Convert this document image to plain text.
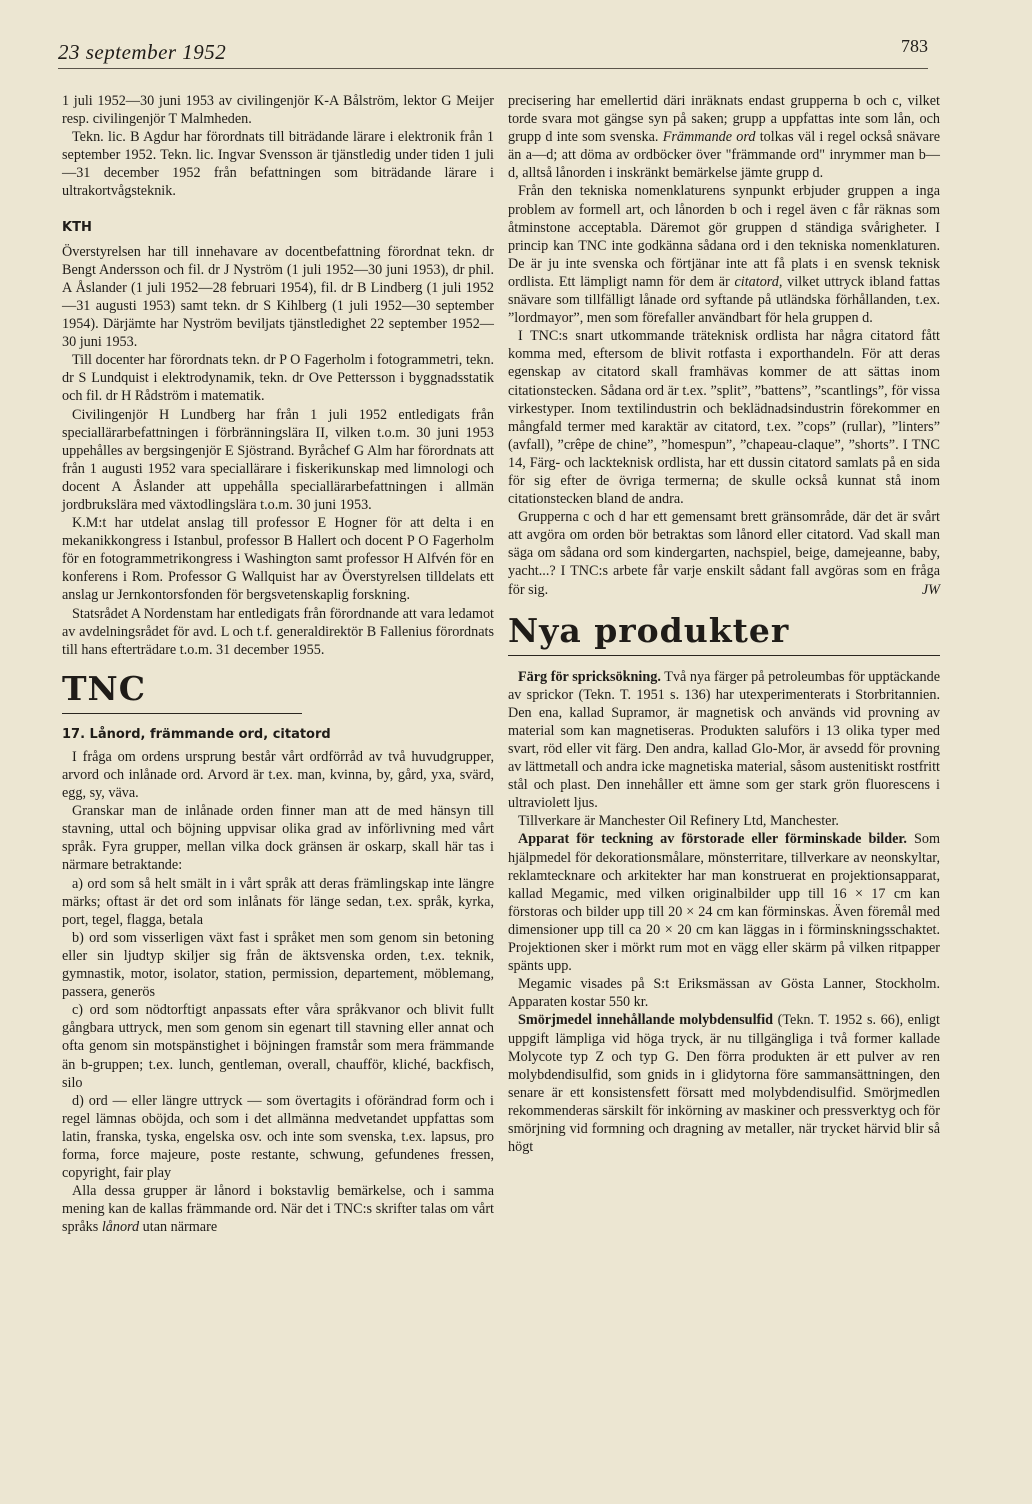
23 september 1952	783

1 juli 1952—30 juni 1953 av civilingenjör K-A Bålström, lektor G Meijer resp. civilingenjör T Malmheden.

Tekn. lic. B Agdur har förordnats till biträdande lärare i elektronik från 1 september 1952. Tekn. lic. Ingvar Svensson är tjänstledig under tiden 1 juli—31 december 1952 från befattningen som biträdande lärare i ultrakortvågsteknik.

KTH

Överstyrelsen har till innehavare av docentbefattning förordnat tekn. dr Bengt Andersson och fil. dr J Nyström (1 juli 1952—30 juni 1953), dr phil. A Åslander (1 juli 1952—28 februari 1954), fil. dr B Lindberg (1 juli 1952—31 augusti 1953) samt tekn. dr S Kihlberg (1 juli 1952—30 september 1954). Därjämte har Nyström beviljats tjänstledighet 22 september 1952—30 juni 1953.

Till docenter har förordnats tekn. dr P O Fagerholm i fotogrammetri, tekn. dr S Lundquist i elektrodynamik, tekn. dr Ove Pettersson i byggnadsstatik och fil. dr H Rådström i matematik.

Civilingenjör H Lundberg har från 1 juli 1952 entledigats från speciallärarbefattningen i förbränningslära II, vilken t.o.m. 30 juni 1953 uppehålles av bergsingenjör E Sjöstrand. Byråchef G Alm har förordnats att från 1 augusti 1952 vara speciallärare i fiskerikunskap med limnologi och docent A Åslander att uppehålla speciallärarbefattningen i allmän jordbrukslära med växtodlingslära t.o.m. 30 juni 1953.

K.M:t har utdelat anslag till professor E Hogner för att delta i en mekanikkongress i Istanbul, professor B Hallert och docent P O Fagerholm för en fotogrammetrikongress i Washington samt professor H Alfvén för en konferens i Rom. Professor G Wallquist har av Överstyrelsen tilldelats ett anslag ur Jernkontorsfonden för bergsvetenskaplig forskning.

Statsrådet A Nordenstam har entledigats från förordnande att vara ledamot av avdelningsrådet för avd. L och t.f. generaldirektör B Fallenius förordnats till hans efterträdare t.o.m. 31 december 1955.

TNC
17. Lånord, främmande ord, citatord

I fråga om ordens ursprung består vårt ordförråd av två huvudgrupper, arvord och inlånade ord. Arvord är t.ex. man, kvinna, by, gård, yxa, svärd, egg, sy, väva.

Granskar man de inlånade orden finner man att de med hänsyn till stavning, uttal och böjning uppvisar olika grad av införlivning med vårt språk. Fyra grupper, mellan vilka dock gränsen är oskarp, skall här tas i närmare betraktande:

a) ord som så helt smält in i vårt språk att deras främlingskap inte längre märks; oftast är det ord som inlånats för länge sedan, t.ex. språk, kyrka, port, tegel, flagga, betala

b) ord som visserligen växt fast i språket men som genom sin betoning eller sin ljudtyp skiljer sig från de äktsvenska orden, t.ex. teknik, gymnastik, motor, isolator, station, permission, departement, möblemang, passera, generös

c) ord som nödtorftigt anpassats efter våra språkvanor och blivit fullt gångbara uttryck, men som genom sin egenart till stavning eller annat och ofta genom sin motspänstighet i böjningen framstår som mera främmande än b-gruppen; t.ex. lunch, gentleman, overall, chaufför, kliché, backfisch, silo

d) ord — eller längre uttryck — som övertagits i oförändrad form och i regel lämnas oböjda, och som i det allmänna medvetandet uppfattas som latin, franska, tyska, engelska osv. och inte som svenska, t.ex. lapsus, pro forma, force majeure, poste restante, schwung, gefundenes fressen, copyright, fair play

Alla dessa grupper är lånord i bokstavlig bemärkelse, och i samma mening kan de kallas främmande ord. När det i TNC:s skrifter talas om vårt språks lånord utan närmare

precisering har emellertid däri inräknats endast grupperna b och c, vilket torde svara mot gängse syn på saken; grupp a uppfattas inte som lån, och grupp d inte som svenska. Främmande ord tolkas väl i regel också snävare än a—d; att döma av ordböcker över "främmande ord" inrymmer man b—d, alltså lånorden i inskränkt bemärkelse jämte grupp d.

Från den tekniska nomenklaturens synpunkt erbjuder gruppen a inga problem av formell art, och lånorden b och i regel även c får räknas som åtminstone acceptabla. Däremot gör gruppen d ständiga svårigheter. I princip kan TNC inte godkänna sådana ord i den tekniska nomenklaturen. De är ju inte svenska och förtjänar inte att få plats i en svensk teknisk ordlista. Ett lämpligt namn för dem är citatord, vilket uttryck ibland fattas snävare som tillfälligt lånade ord syftande på utländska förhållanden, t.ex. ”lordmayor”, men som förefaller användbart för hela gruppen d.

I TNC:s snart utkommande träteknisk ordlista har några citatord fått komma med, eftersom de blivit rotfasta i exporthandeln. För att deras egenskap av citatord skall framhävas kommer de att sättas inom citationstecken. Sådana ord är t.ex. ”split”, ”battens”, ”scantlings”, för vissa virkestyper. Inom textilindustrin och beklädnadsindustrin förekommer en mångfald termer med karaktär av citatord, t.ex. ”cops” (rullar), ”linters” (avfall), ”crêpe de chine”, ”homespun”, ”chapeau-claque”, ”shorts”. I TNC 14, Färg- och lackteknisk ordlista, har ett dussin citatord samlats på en sida för sig efter de övriga termerna; de skulle också kunnat stå inom citationstecken bland de andra.

Grupperna c och d har ett gemensamt brett gränsområde, där det är svårt att avgöra om orden bör betraktas som lånord eller citatord. Vad skall man säga om sådana ord som kindergarten, nachspiel, beige, damejeanne, baby, yacht...? I TNC:s arbete får varje enskilt sådant fall avgöras som en fråga för sig.	JW

Nya produkter

Färg för spricksökning. Två nya färger på petroleumbas för upptäckande av sprickor (Tekn. T. 1951 s. 136) har utexperimenterats i Storbritannien. Den ena, kallad Supramor, är magnetisk och används vid provning av material som kan magnetiseras. Produkten saluförs i 13 olika typer med svart, röd eller vit färg. Den andra, kallad Glo-Mor, är avsedd för provning av lättmetall och andra icke magnetiska material, såsom austenitiskt rostfritt stål och plast. Den innehåller ett ämne som ger stark grön fluorescens i ultraviolett ljus.

Tillverkare är Manchester Oil Refinery Ltd, Manchester.

Apparat för teckning av förstorade eller förminskade bilder. Som hjälpmedel för dekorationsmålare, mönsterritare, tillverkare av neonskyltar, reklamtecknare och arkitekter har man konstruerat en projektionsapparat, kallad Megamic, med vilken originalbilder upp till 16 × 17 cm kan förstoras och bilder upp till 20 × 24 cm kan förminskas. Även föremål med dimensioner upp till ca 20 × 20 cm kan läggas in i förminskningsschaktet. Projektionen sker i mörkt rum mot en vägg eller skärm på vilken ritpapper spänts upp.

Megamic visades på S:t Eriksmässan av Gösta Lanner, Stockholm. Apparaten kostar 550 kr.

Smörjmedel innehållande molybdensulfid (Tekn. T. 1952 s. 66), enligt uppgift lämpliga vid höga tryck, är nu tillgängliga i två former kallade Molycote typ Z och typ G. Den förra produkten är ett pulver av ren molybdendisulfid, som gnids in i glidytorna före sammansättningen, den senare är ett konsistensfett försatt med molybdendisulfid. Smörjmedlen rekommenderas särskilt för inkörning av maskiner och pressverktyg och för smörjning vid formning och dragning av metaller, när trycket härvid blir så högt
